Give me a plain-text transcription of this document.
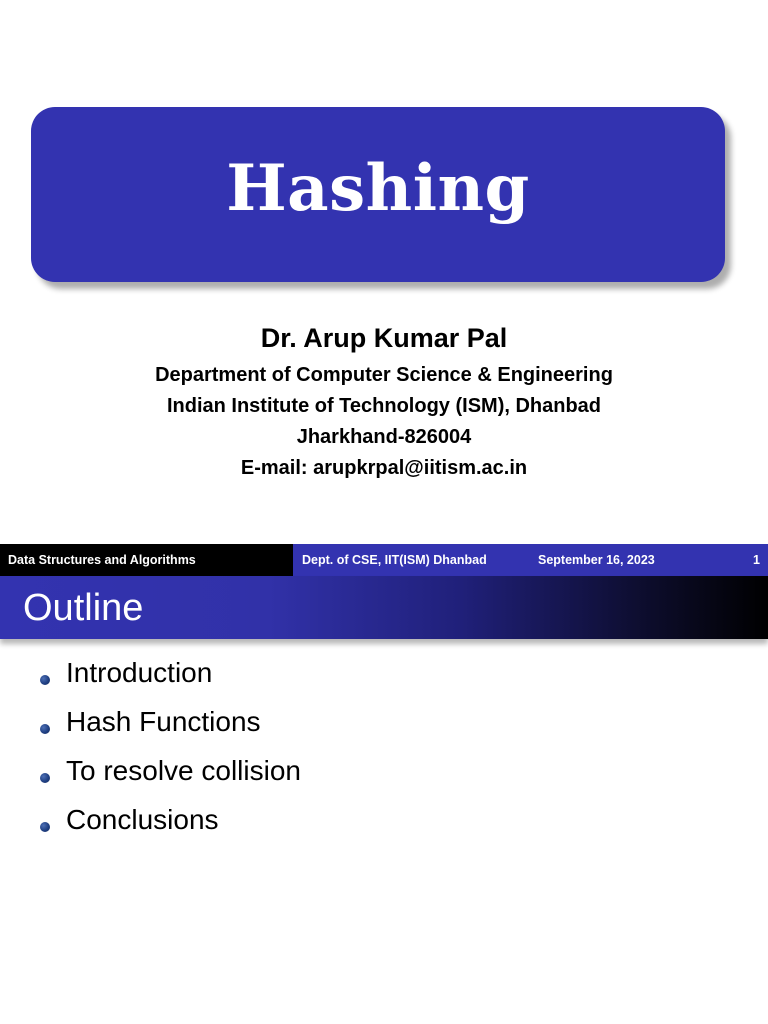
Hashing
Dr. Arup Kumar Pal
Department of Computer Science & Engineering
Indian Institute of Technology (ISM), Dhanbad
Jharkhand-826004
E-mail: arupkrpal@iitism.ac.in
Data Structures and Algorithms	Dept. of CSE, IIT(ISM) Dhanbad	September 16, 2023	1
Outline
Introduction
Hash Functions
To resolve collision
Conclusions
